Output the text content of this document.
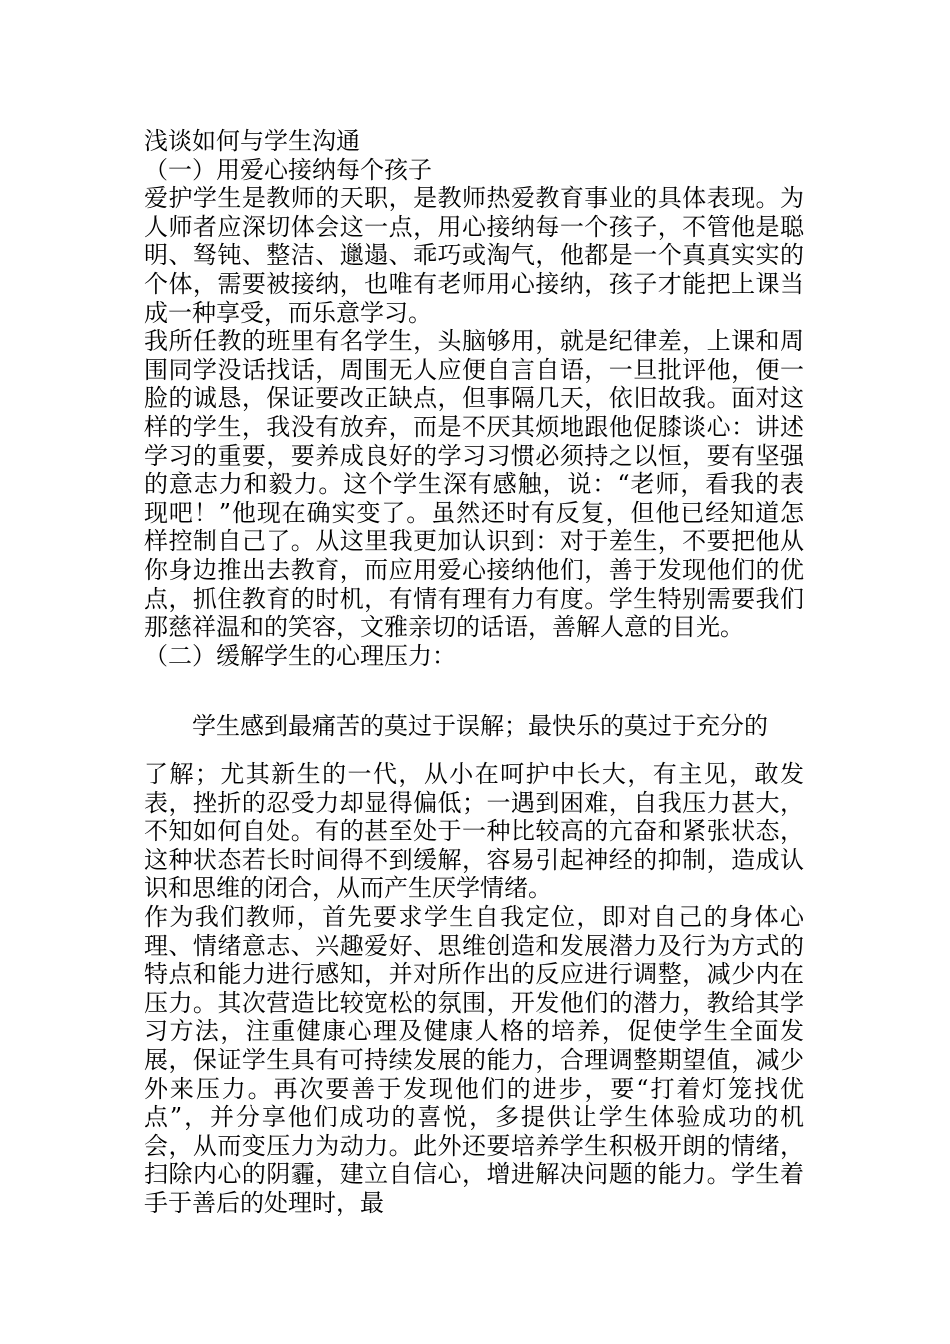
浅谈如何与学生沟通

（一）用爱心接纳每个孩子

爱护学生是教师的天职，是教师热爱教育事业的具体表现。为人师者应深切体会这一点，用心接纳每一个孩子，不管他是聪明、驽钝、整洁、邋遢、乖巧或淘气，他都是一个真真实实的个体，需要被接纳，也唯有老师用心接纳，孩子才能把上课当成一种享受，而乐意学习。

我所任教的班里有名学生，头脑够用，就是纪律差，上课和周围同学没话找话，周围无人应便自言自语，一旦批评他，便一脸的诚恳，保证要改正缺点，但事隔几天，依旧故我。面对这样的学生，我没有放弃，而是不厌其烦地跟他促膝谈心：讲述学习的重要，要养成良好的学习习惯必须持之以恒，要有坚强的意志力和毅力。这个学生深有感触，说：“老师，看我的表现吧！”他现在确实变了。虽然还时有反复，但他已经知道怎样控制自己了。从这里我更加认识到：对于差生，不要把他从你身边推出去教育，而应用爱心接纳他们，善于发现他们的优点，抓住教育的时机，有情有理有力有度。学生特别需要我们那慈祥温和的笑容，文雅亲切的话语，善解人意的目光。

（二）缓解学生的心理压力：

学生感到最痛苦的莫过于误解；最快乐的莫过于充分的

了解；尤其新生的一代，从小在呵护中长大，有主见，敢发表，挫折的忍受力却显得偏低；一遇到困难，自我压力甚大，不知如何自处。有的甚至处于一种比较高的亢奋和紧张状态，这种状态若长时间得不到缓解，容易引起神经的抑制，造成认识和思维的闭合，从而产生厌学情绪。

作为我们教师，首先要求学生自我定位，即对自己的身体心理、情绪意志、兴趣爱好、思维创造和发展潜力及行为方式的特点和能力进行感知，并对所作出的反应进行调整，减少内在压力。其次营造比较宽松的氛围，开发他们的潜力，教给其学习方法，注重健康心理及健康人格的培养，促使学生全面发展，保证学生具有可持续发展的能力，合理调整期望值，减少外来压力。再次要善于发现他们的进步，要“打着灯笼找优点”，并分享他们成功的喜悦，多提供让学生体验成功的机会，从而变压力为动力。此外还要培养学生积极开朗的情绪，扫除内心的阴霾，建立自信心，增进解决问题的能力。学生着手于善后的处理时，最
